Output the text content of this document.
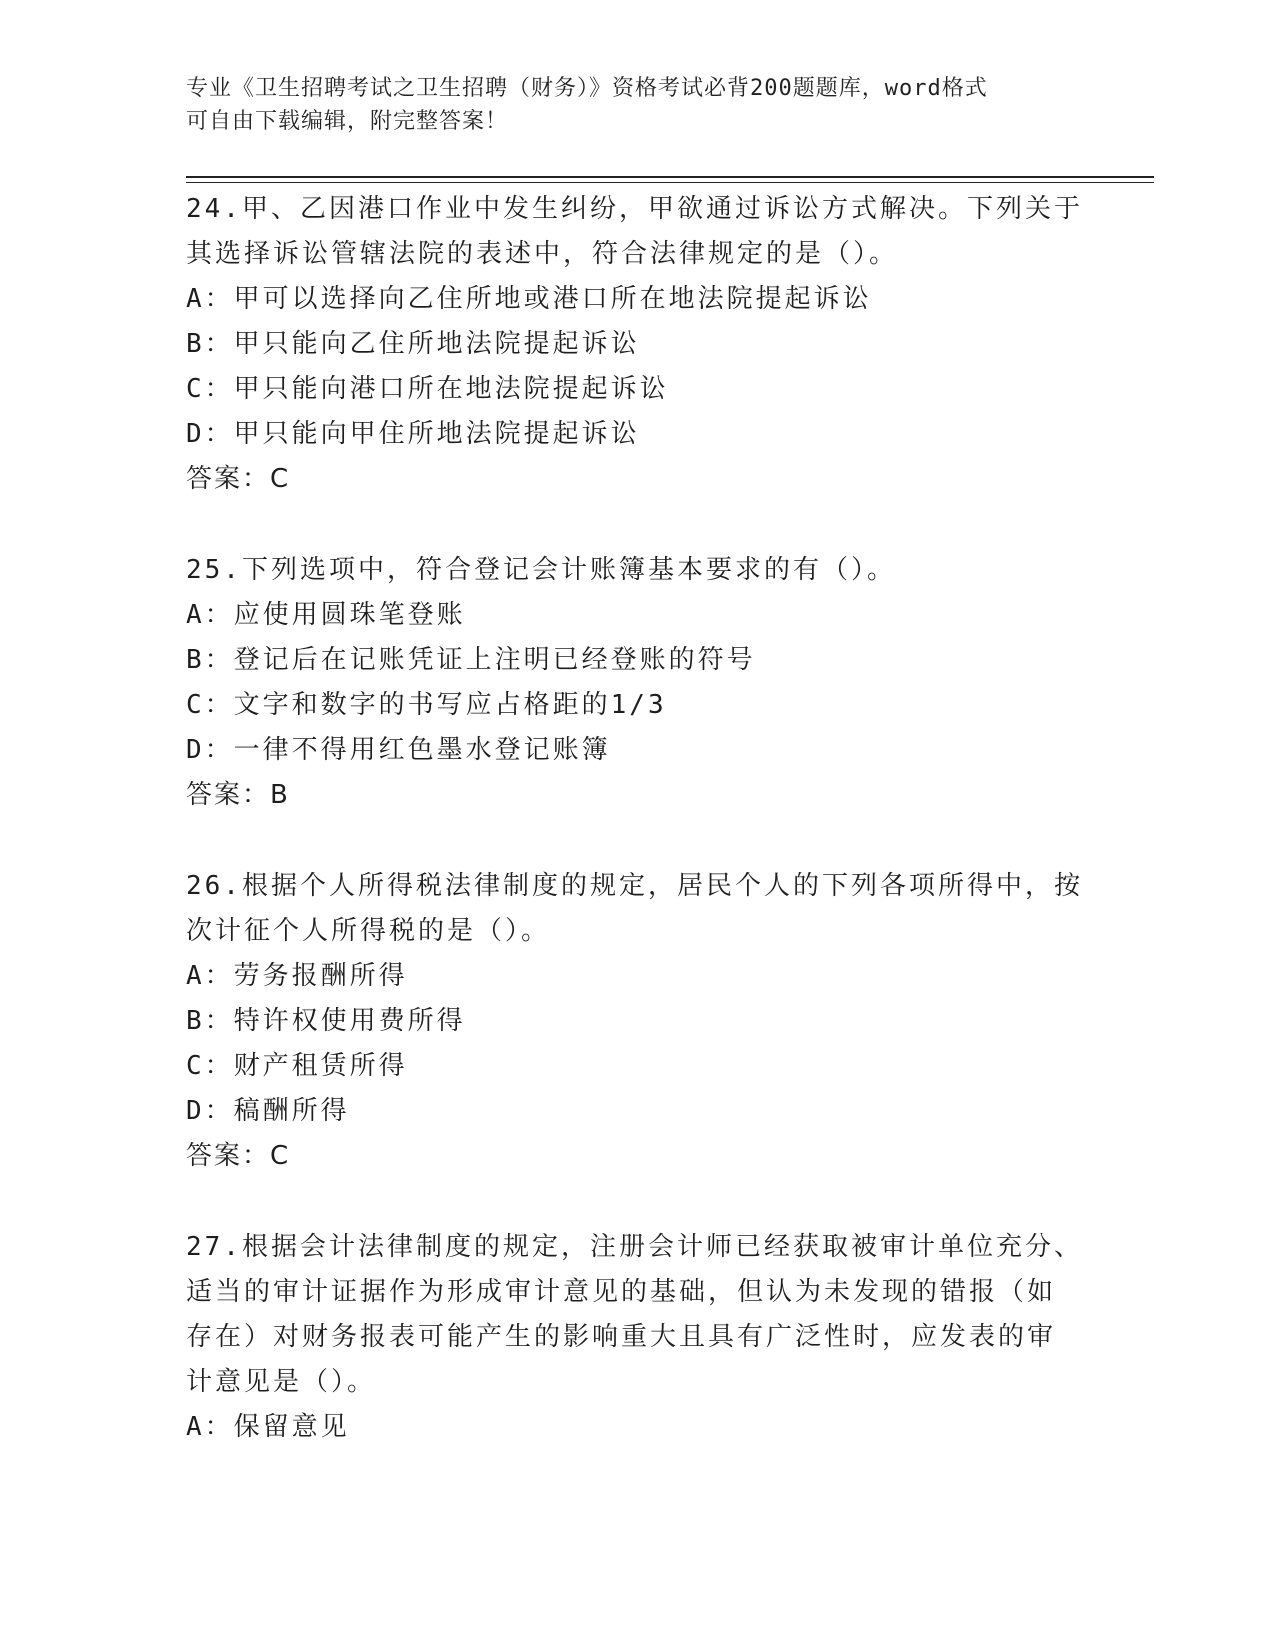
专业《卫生招聘考试之卫生招聘（财务）》资格考试必背200题题库，word格式
可自由下载编辑，附完整答案！
24.甲、乙因港口作业中发生纠纷，甲欲通过诉讼方式解决。下列关于
其选择诉讼管辖法院的表述中，符合法律规定的是（）。
A：甲可以选择向乙住所地或港口所在地法院提起诉讼
B：甲只能向乙住所地法院提起诉讼
C：甲只能向港口所在地法院提起诉讼
D：甲只能向甲住所地法院提起诉讼
答案：C
25.下列选项中，符合登记会计账簿基本要求的有（）。
A：应使用圆珠笔登账
B：登记后在记账凭证上注明已经登账的符号
C：文字和数字的书写应占格距的1/3
D：一律不得用红色墨水登记账簿
答案：B
26.根据个人所得税法律制度的规定，居民个人的下列各项所得中，按
次计征个人所得税的是（）。
A：劳务报酬所得
B：特许权使用费所得
C：财产租赁所得
D：稿酬所得
答案：C
27.根据会计法律制度的规定，注册会计师已经获取被审计单位充分、
适当的审计证据作为形成审计意见的基础，但认为未发现的错报（如
存在）对财务报表可能产生的影响重大且具有广泛性时，应发表的审
计意见是（）。
A：保留意见
